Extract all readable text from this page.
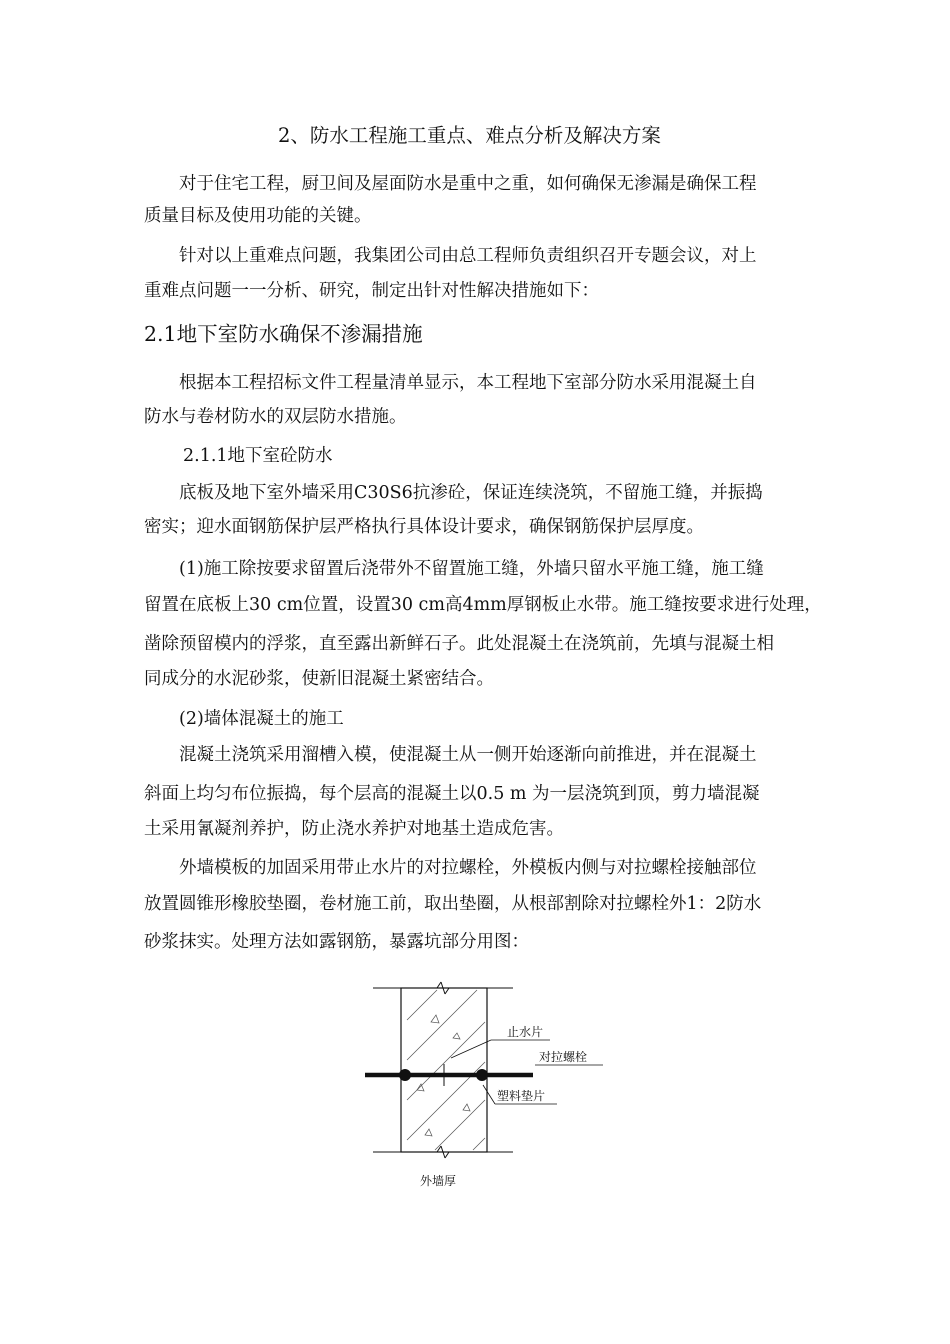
2、防水工程施工重点、难点分析及解决方案
对于住宅工程，厨卫间及屋面防水是重中之重，如何确保无渗漏是确保工程
质量目标及使用功能的关键。
针对以上重难点问题，我集团公司由总工程师负责组织召开专题会议，对上
重难点问题一一分析、研究，制定出针对性解决措施如下：
2.1地下室防水确保不渗漏措施
根据本工程招标文件工程量清单显示，本工程地下室部分防水采用混凝土自
防水与卷材防水的双层防水措施。
2.1.1地下室砼防水
底板及地下室外墙采用C30S6抗渗砼，保证连续浇筑，不留施工缝，并振捣
密实；迎水面钢筋保护层严格执行具体设计要求，确保钢筋保护层厚度。
(1)施工除按要求留置后浇带外不留置施工缝，外墙只留水平施工缝，施工缝
留置在底板上30 cm位置，设置30 cm高4mm厚钢板止水带。施工缝按要求进行处理，
凿除预留模内的浮浆，直至露出新鲜石子。此处混凝土在浇筑前，先填与混凝土相
同成分的水泥砂浆，使新旧混凝土紧密结合。
(2)墙体混凝土的施工
混凝土浇筑采用溜槽入模，使混凝土从一侧开始逐渐向前推进，并在混凝土
斜面上均匀布位振捣，每个层高的混凝土以0.5 m 为一层浇筑到顶，剪力墙混凝
土采用氰凝剂养护，防止浇水养护对地基土造成危害。
外墙模板的加固采用带止水片的对拉螺栓，外模板内侧与对拉螺栓接触部位
放置圆锥形橡胶垫圈，卷材施工前，取出垫圈，从根部割除对拉螺栓外1：2防水
砂浆抹实。处理方法如露钢筋，暴露坑部分用图：
止水片
对拉螺栓
塑料垫片
外墙厚
